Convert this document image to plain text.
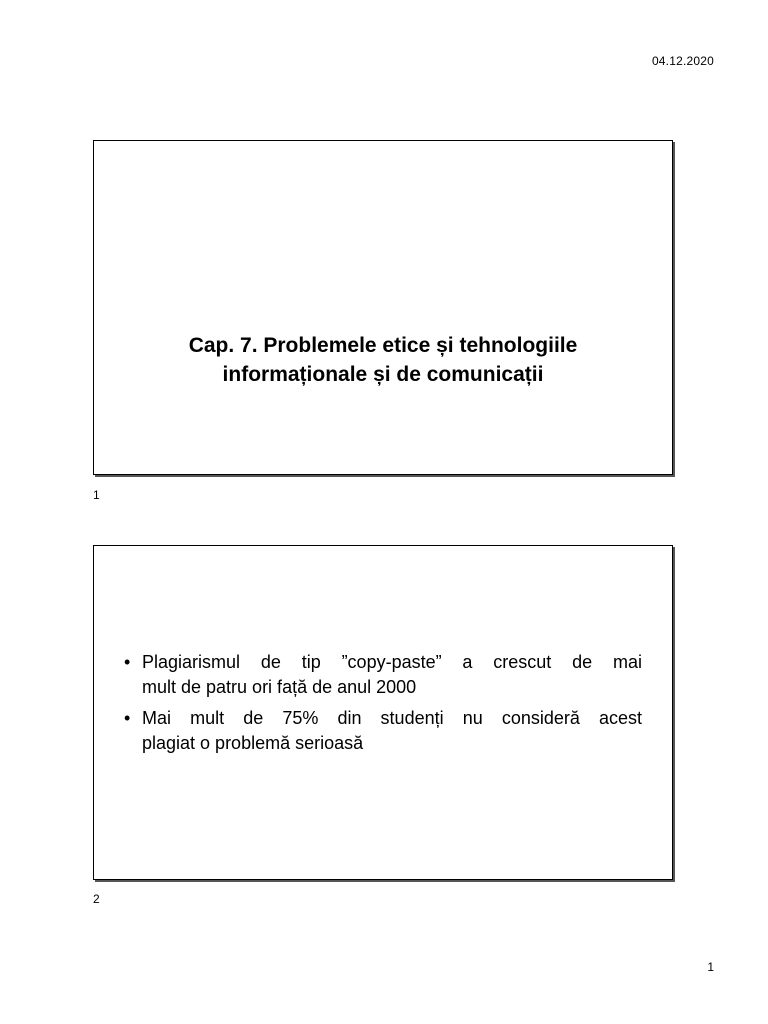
04.12.2020
Cap. 7. Problemele etice și tehnologiile
informaționale și de comunicații
1
• Plagiarismul de tip ”copy-paste” a crescut de mai
mult de patru ori față de anul 2000
• Mai mult de 75% din studenți nu consideră acest
plagiat o problemă serioasă
2
1
